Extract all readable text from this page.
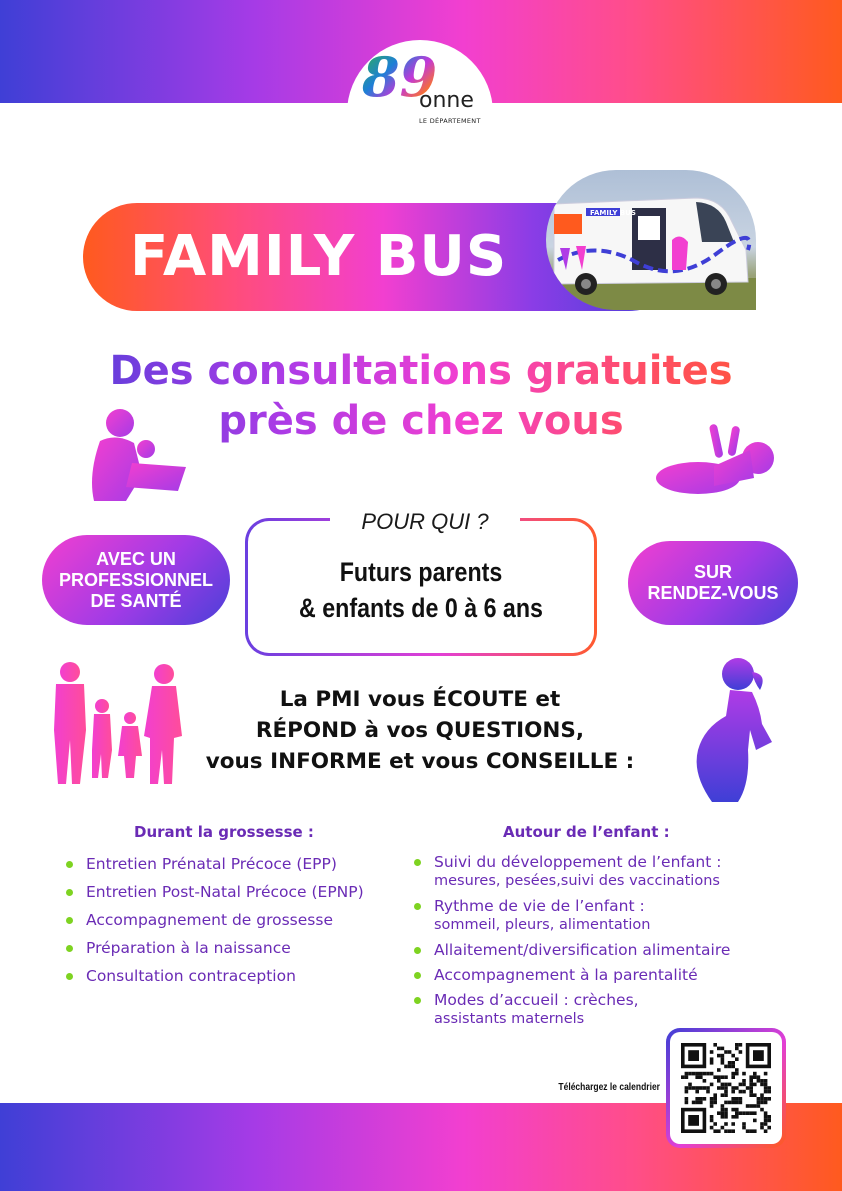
89
onne
LE DÉPARTEMENT
FAMILY BUS
FAMILY BUS
Des consultations gratuites
près de chez vous
AVEC UN
PROFESSIONNEL
DE SANTÉ
SUR
RENDEZ-VOUS
POUR QUI ?
Futurs parents
& enfants de 0 à 6 ans
La PMI vous ÉCOUTE et
RÉPOND à vos QUESTIONS,
vous INFORME et vous CONSEILLE :
Durant la grossesse :
Entretien Prénatal Précoce (EPP)
Entretien Post-Natal Précoce (EPNP)
Accompagnement de grossesse
Préparation à la naissance
Consultation contraception
Autour de l’enfant :
Suivi du développement de l’enfant :
mesures, pesées,suivi des vaccinations
Rythme de vie de l’enfant :
sommeil, pleurs, alimentation
Allaitement/diversification alimentaire
Accompagnement à la parentalité
Modes d’accueil : crèches,
assistants maternels
Téléchargez le calendrier
